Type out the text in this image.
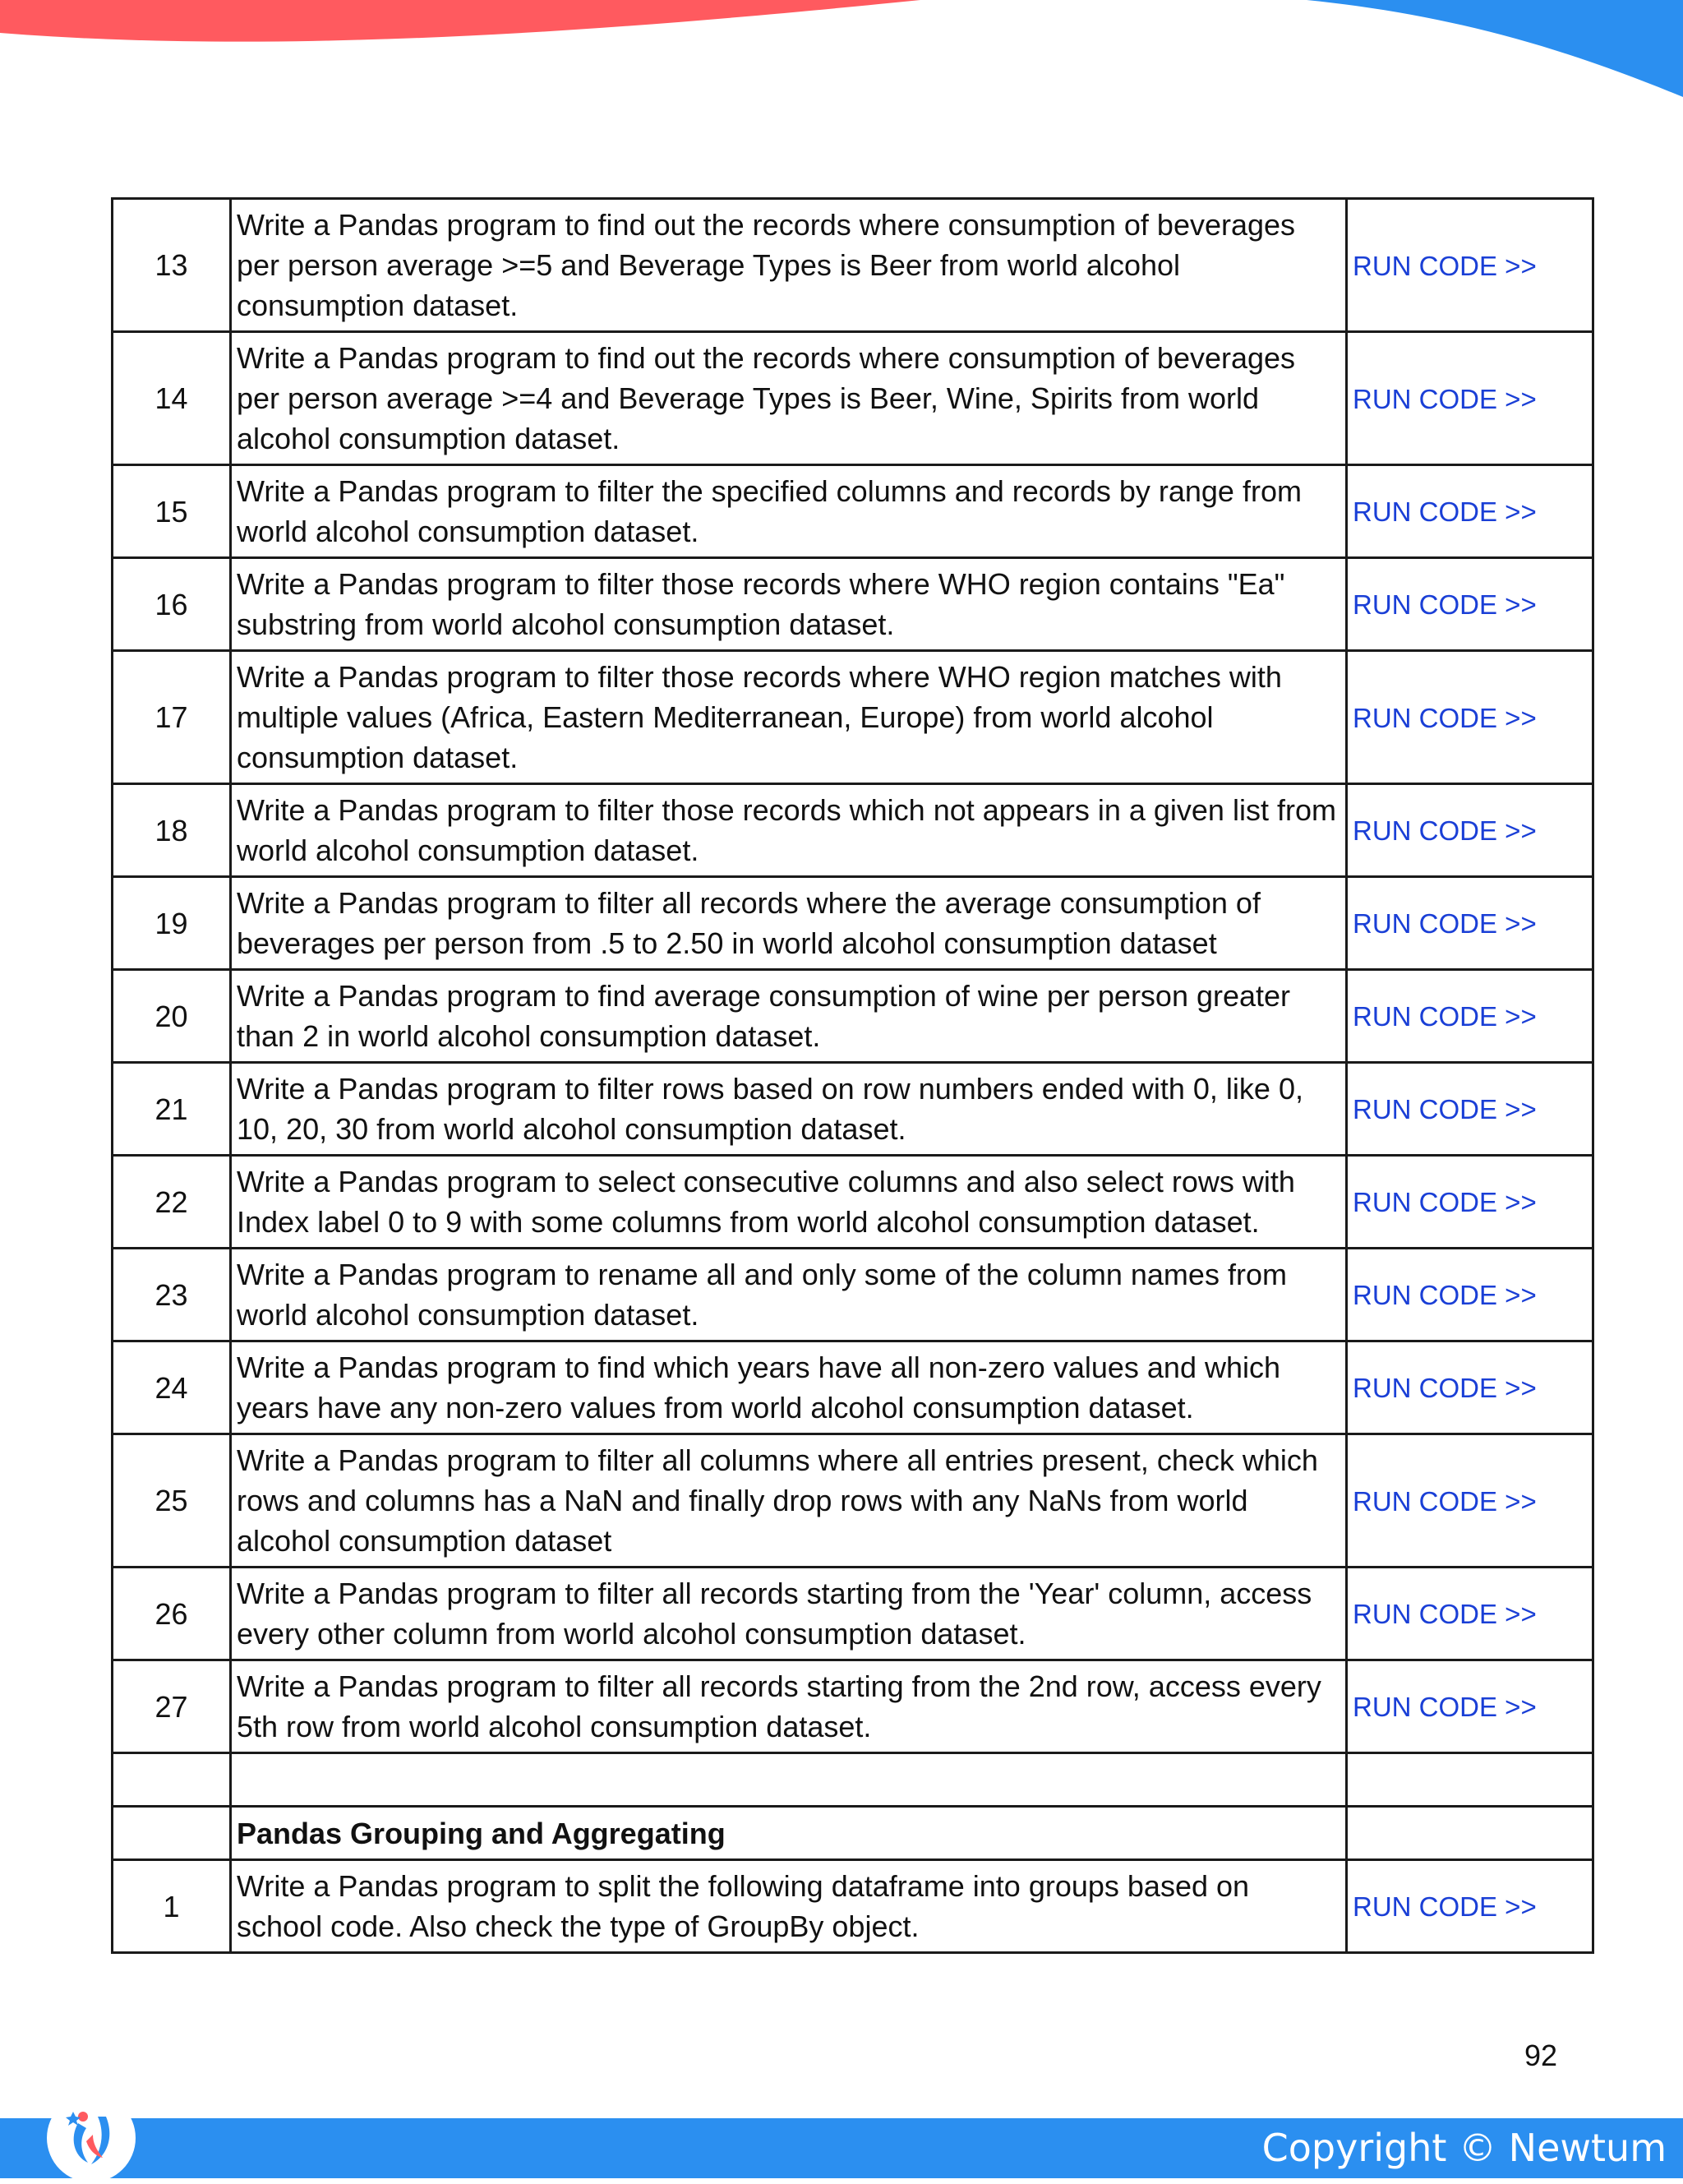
13	Write a Pandas program to find out the records where consumption of beverages per person average >=5 and Beverage Types is Beer from world alcohol consumption dataset.	RUN CODE >>
14	Write a Pandas program to find out the records where consumption of beverages per person average >=4 and Beverage Types is Beer, Wine, Spirits from world alcohol consumption dataset.	RUN CODE >>
15	Write a Pandas program to filter the specified columns and records by range from world alcohol consumption dataset.	RUN CODE >>
16	Write a Pandas program to filter those records where WHO region contains "Ea" substring from world alcohol consumption dataset.	RUN CODE >>
17	Write a Pandas program to filter those records where WHO region matches with multiple values (Africa, Eastern Mediterranean, Europe) from world alcohol consumption dataset.	RUN CODE >>
18	Write a Pandas program to filter those records which not appears in a given list from world alcohol consumption dataset.	RUN CODE >>
19	Write a Pandas program to filter all records where the average consumption of beverages per person from .5 to 2.50 in world alcohol consumption dataset	RUN CODE >>
20	Write a Pandas program to find average consumption of wine per person greater than 2 in world alcohol consumption dataset.	RUN CODE >>
21	Write a Pandas program to filter rows based on row numbers ended with 0, like 0, 10, 20, 30 from world alcohol consumption dataset.	RUN CODE >>
22	Write a Pandas program to select consecutive columns and also select rows with Index label 0 to 9 with some columns from world alcohol consumption dataset.	RUN CODE >>
23	Write a Pandas program to rename all and only some of the column names from world alcohol consumption dataset.	RUN CODE >>
24	Write a Pandas program to find which years have all non-zero values and which years have any non-zero values from world alcohol consumption dataset.	RUN CODE >>
25	Write a Pandas program to filter all columns where all entries present, check which rows and columns has a NaN and finally drop rows with any NaNs from world alcohol consumption dataset	RUN CODE >>
26	Write a Pandas program to filter all records starting from the 'Year' column, access every other column from world alcohol consumption dataset.	RUN CODE >>
27	Write a Pandas program to filter all records starting from the 2nd row, access every 5th row from world alcohol consumption dataset.	RUN CODE >>

	Pandas Grouping and Aggregating	
1	Write a Pandas program to split the following dataframe into groups based on school code. Also check the type of GroupBy object.	RUN CODE >>
92
Copyright © Newtum
